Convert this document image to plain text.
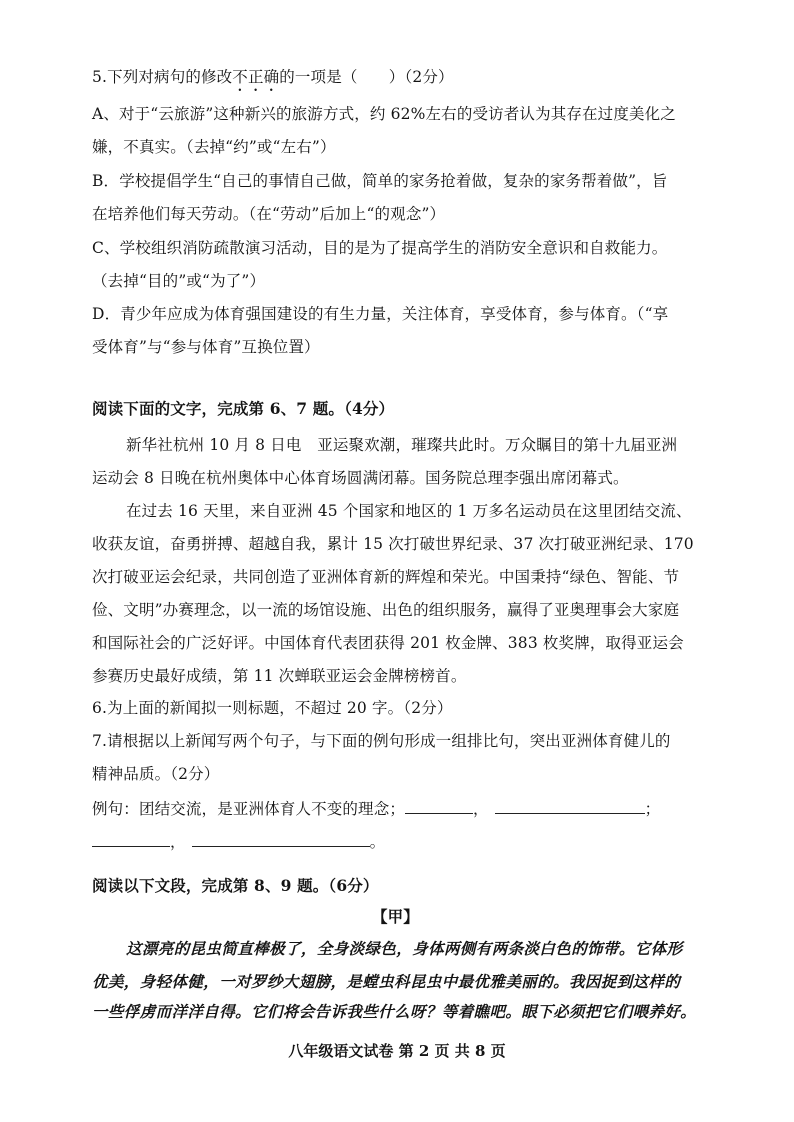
5.下列对病句的修改不正确的一项是（　　）（2分）
A、对于“云旅游”这种新兴的旅游方式，约 62%左右的受访者认为其存在过度美化之
嫌，不真实。（去掉“约”或“左右”）
B．学校提倡学生“自己的事情自己做，简单的家务抢着做，复杂的家务帮着做”，旨
在培养他们每天劳动。（在“劳动”后加上“的观念”）
C、学校组织消防疏散演习活动，目的是为了提高学生的消防安全意识和自救能力。
（去掉“目的”或“为了”）
D．青少年应成为体育强国建设的有生力量，关注体育，享受体育，参与体育。（“享
受体育”与“参与体育”互换位置）
阅读下面的文字，完成第 6、7 题。（4分）
新华社杭州 10 月 8 日电　亚运聚欢潮，璀璨共此时。万众瞩目的第十九届亚洲
运动会 8 日晚在杭州奥体中心体育场圆满闭幕。国务院总理李强出席闭幕式。
在过去 16 天里，来自亚洲 45 个国家和地区的 1 万多名运动员在这里团结交流、
收获友谊，奋勇拼搏、超越自我，累计 15 次打破世界纪录、37 次打破亚洲纪录、170
次打破亚运会纪录，共同创造了亚洲体育新的辉煌和荣光。中国秉持“绿色、智能、节
俭、文明”办赛理念，以一流的场馆设施、出色的组织服务，赢得了亚奥理事会大家庭
和国际社会的广泛好评。中国体育代表团获得 201 枚金牌、383 枚奖牌，取得亚运会
参赛历史最好成绩，第 11 次蝉联亚运会金牌榜榜首。
6.为上面的新闻拟一则标题，不超过 20 字。（2分）
7.请根据以上新闻写两个句子，与下面的例句形成一组排比句，突出亚洲体育健儿的
精神品质。（2分）
例句：团结交流，是亚洲体育人不变的理念；	，	；
，	。
阅读以下文段，完成第 8、9 题。（6分）
【甲】
这漂亮的昆虫简直棒极了，全身淡绿色，身体两侧有两条淡白色的饰带。它体形
优美，身轻体健，一对罗纱大翅膀，是螳虫科昆虫中最优雅美丽的。我因捉到这样的
一些俘虏而洋洋自得。它们将会告诉我些什么呀？等着瞧吧。眼下必须把它们喂养好。
八年级语文试卷 第 2 页 共 8 页
